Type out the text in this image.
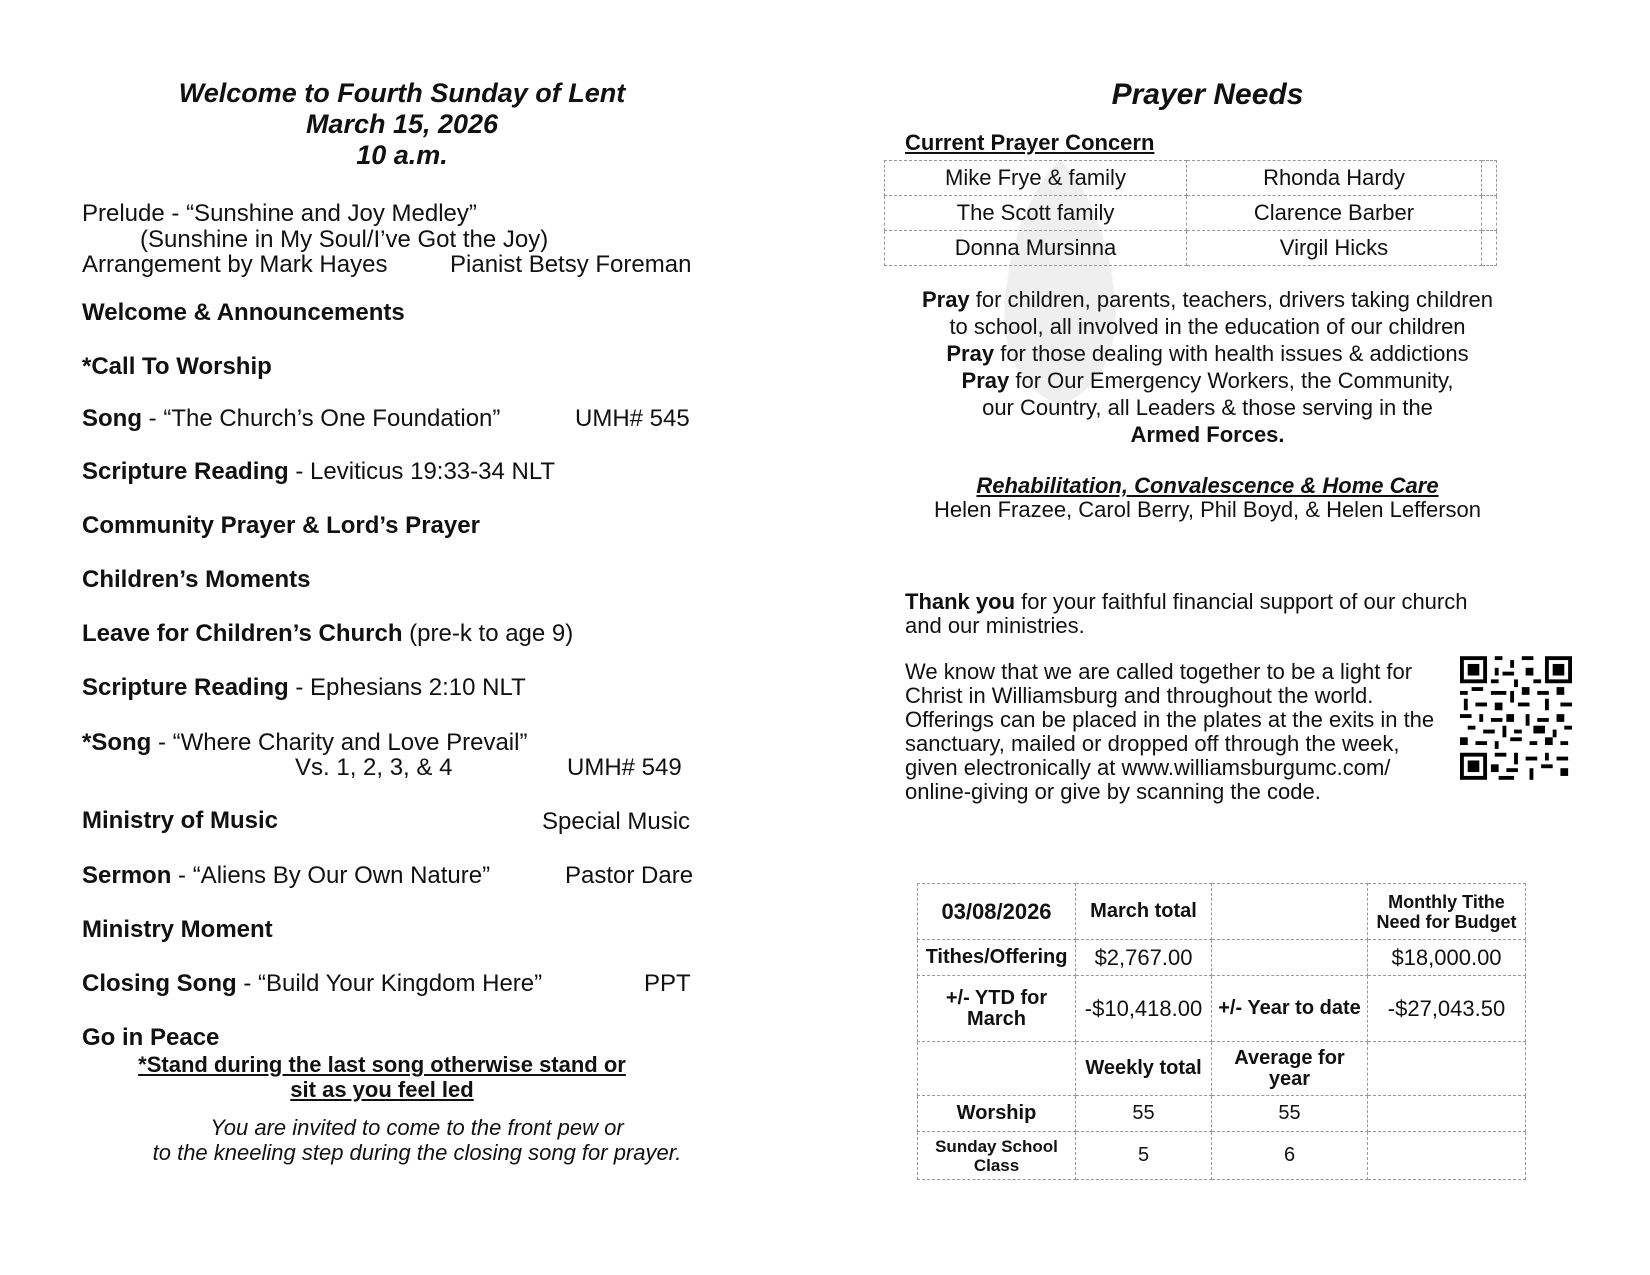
Welcome to Fourth Sunday of Lent
March 15, 2026
10 a.m.
Prelude - “Sunshine and Joy Medley”
(Sunshine in My Soul/I’ve Got the Joy)
Arrangement by Mark Hayes	Pianist Betsy Foreman
Welcome & Announcements
*Call To Worship
Song - “The Church’s One Foundation”	UMH# 545
Scripture Reading - Leviticus 19:33-34 NLT
Community Prayer & Lord’s Prayer
Children’s Moments
Leave for Children’s Church (pre-k to age 9)
Scripture Reading - Ephesians 2:10 NLT
*Song - “Where Charity and Love Prevail”
Vs. 1, 2, 3, & 4	UMH# 549
Ministry of Music	Special Music
Sermon - “Aliens By Our Own Nature”	Pastor Dare
Ministry Moment
Closing Song - “Build Your Kingdom Here”	PPT
Go in Peace
*Stand during the last song otherwise stand or
sit as you feel led
You are invited to come to the front pew or
to the kneeling step during the closing song for prayer.
Prayer Needs
Current Prayer Concern
Mike Frye & family	Rhonda Hardy	
The Scott family	Clarence Barber	
Donna Mursinna	Virgil Hicks	
Pray for children, parents, teachers, drivers taking children
to school, all involved in the education of our children
Pray for those dealing with health issues & addictions
Pray for Our Emergency Workers, the Community,
our Country, all Leaders & those serving in the
Armed Forces.
Rehabilitation, Convalescence & Home Care
Helen Frazee, Carol Berry, Phil Boyd, & Helen Lefferson
Thank you for your faithful financial support of our church and our ministries.
We know that we are called together to be a light for
Christ in Williamsburg and throughout the world.
Offerings can be placed in the plates at the exits in the
sanctuary, mailed or dropped off through the week,
given electronically at www.williamsburgumc.com/
online-giving or give by scanning the code.
03/08/2026	March total		Monthly Tithe Need for Budget
Tithes/Offering	$2,767.00		$18,000.00
+/- YTD for March	-$10,418.00	+/- Year to date	-$27,043.50
	Weekly total	Average for year	
Worship	55	55	
Sunday School Class	5	6	
